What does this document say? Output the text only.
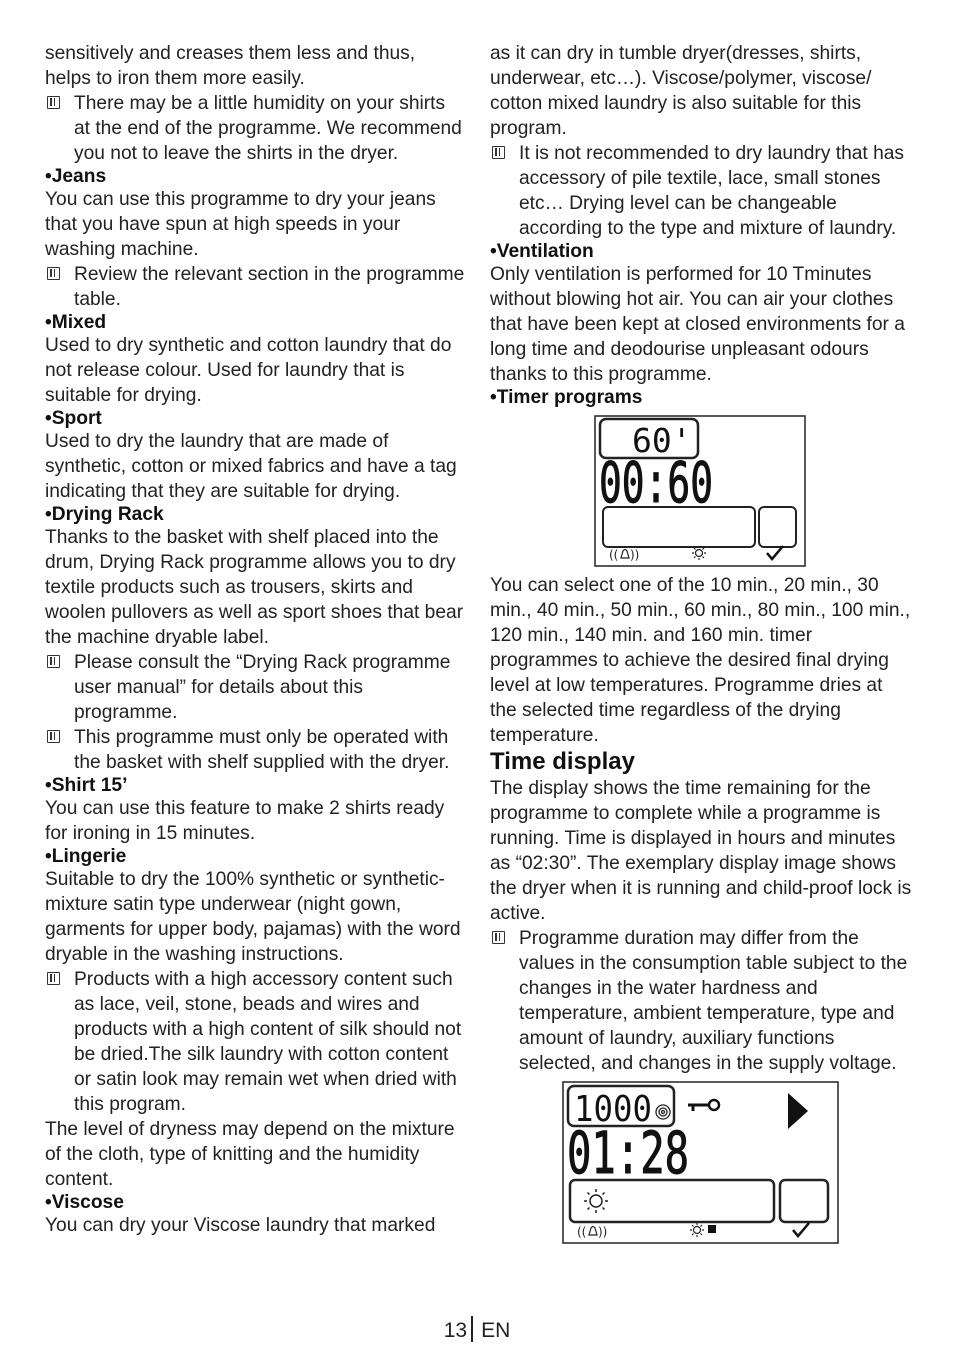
sensitively and creases them less and thus, helps to iron them more easily.

There may be a little humidity on your shirts at the end of the programme. We recommend you not to leave the shirts in the dryer.

•Jeans

You can use this programme to dry your jeans that you have spun at high speeds in your washing machine.

Review the relevant section in the programme table.

•Mixed

Used to dry synthetic and cotton laundry that do not release colour. Used for laundry that is suitable for drying.

•Sport

Used to dry the laundry that are made of synthetic, cotton or mixed fabrics and have a tag indicating that they are suitable for drying.

•Drying Rack

Thanks to the basket with shelf placed into the drum, Drying Rack programme allows you to dry textile products such as trousers, skirts and woolen pullovers as well as sport shoes that bear the machine dryable label.

Please consult the “Drying Rack programme user manual” for details about this programme.

This programme must only be operated with the basket with shelf supplied with the dryer.

•Shirt 15’

You can use this feature to make 2 shirts ready for ironing in 15 minutes.

•Lingerie

Suitable to dry the 100% synthetic or synthetic-mixture satin type underwear (night gown, garments for upper body, pajamas) with the word dryable in the washing instructions.

Products with a high accessory content such as lace, veil, stone, beads and wires and products with a high content of silk should not be dried.The silk laundry with cotton content or satin look may remain wet when dried with this program.

The level of dryness may depend on the mixture of the cloth, type of knitting and the humidity content.

•Viscose

You can dry your Viscose laundry that marked

as it can dry in tumble dryer(dresses, shirts, underwear, etc…). Viscose/polymer, viscose/ cotton mixed laundry is also suitable for this program.

It is not recommended to dry laundry that has accessory of pile textile, lace, small stones etc… Drying level can be changeable according to the type and mixture of laundry.

•Ventilation

Only ventilation is performed for 10 Tminutes without blowing hot air. You can air your clothes that have been kept at closed environments for a long time and deodourise unpleasant odours thanks to this programme.

•Timer programs

60'
00:60
(( ))

You can select one of the 10 min., 20 min., 30 min., 40 min., 50 min., 60 min., 80 min., 100 min., 120 min., 140 min. and 160 min. timer programmes to achieve the desired final drying level at low temperatures. Programme dries at the selected time regardless of the drying temperature.

Time display

The display shows the time remaining for the programme to complete while a programme is running. Time is displayed in hours and minutes as “02:30”. The exemplary display image shows the dryer when it is running and child-proof lock is active.

Programme duration may differ from the values in the consumption table subject to the changes in the water hardness and temperature, ambient temperature, type and amount of laundry, auxiliary functions selected, and changes in the supply voltage.

1000
01:28
(( ))
13 EN
